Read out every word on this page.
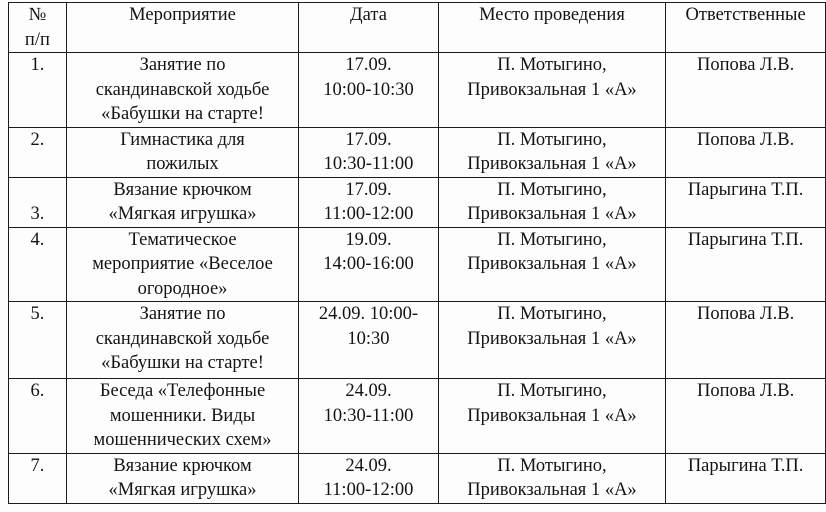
№
п/п	Мероприятие	Дата	Место проведения	Ответственные
1.	Занятие по
скандинавской ходьбе
«Бабушки на старте!	17.09.
10:00-10:30	П. Мотыгино,
Привокзальная 1 «А»	Попова Л.В.
2.	Гимнастика для
пожилых	17.09.
10:30-11:00	П. Мотыгино,
Привокзальная 1 «А»	Попова Л.В.
3.	Вязание крючком
«Мягкая игрушка»	17.09.
11:00-12:00	П. Мотыгино,
Привокзальная 1 «А»	Парыгина Т.П.
4.	Тематическое
мероприятие «Веселое
огородное»	19.09.
14:00-16:00	П. Мотыгино,
Привокзальная 1 «А»	Парыгина Т.П.
5.	Занятие по
скандинавской ходьбе
«Бабушки на старте!	24.09. 10:00-
10:30	П. Мотыгино,
Привокзальная 1 «А»	Попова Л.В.
6.	Беседа «Телефонные
мошенники. Виды
мошеннических схем»	24.09.
10:30-11:00	П. Мотыгино,
Привокзальная 1 «А»	Попова Л.В.
7.	Вязание крючком
«Мягкая игрушка»	24.09.
11:00-12:00	П. Мотыгино,
Привокзальная 1 «А»	Парыгина Т.П.
